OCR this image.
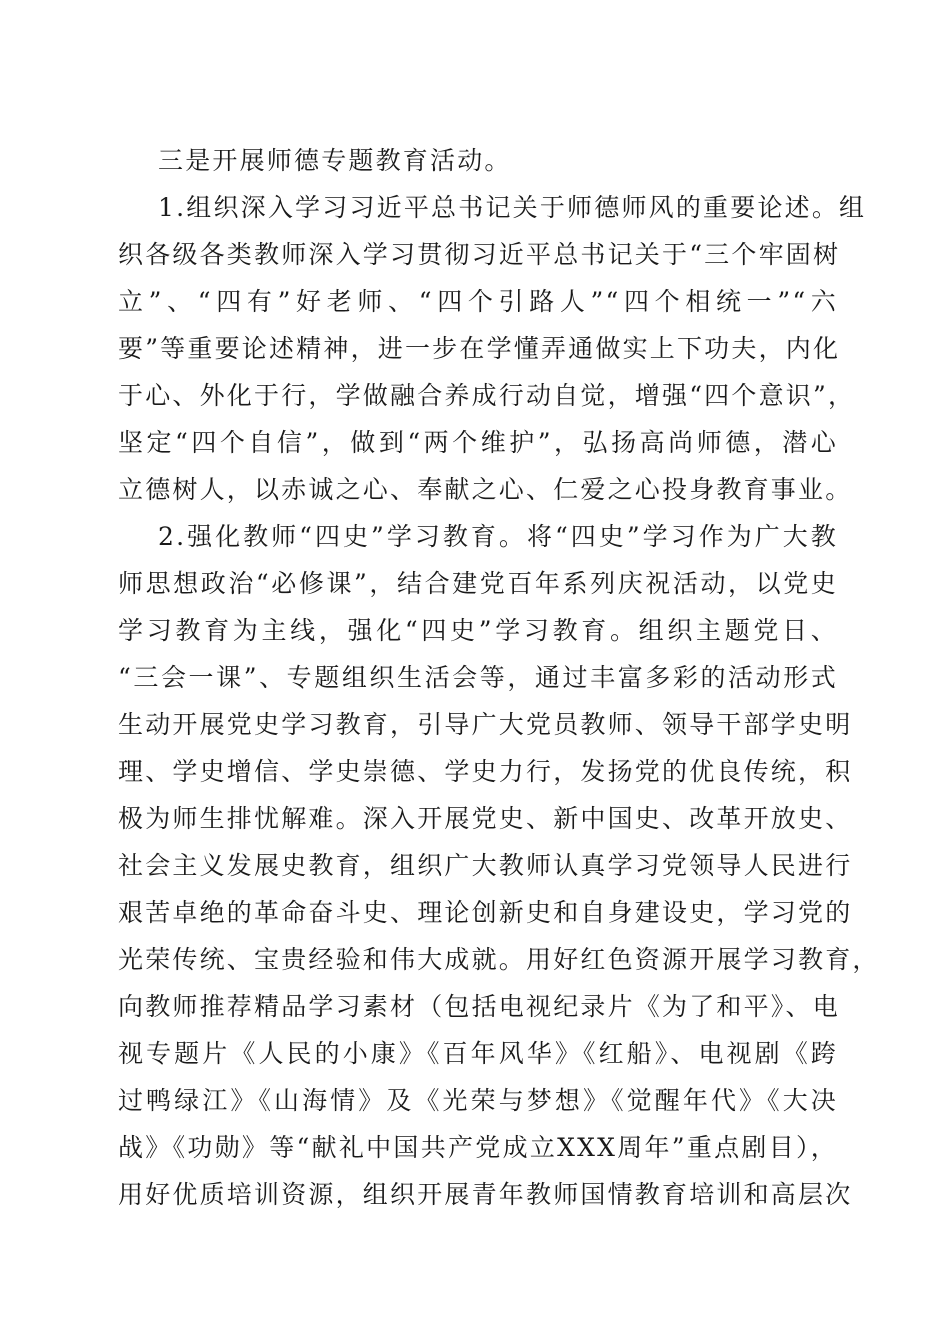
三是开展师德专题教育活动。
1.组织深入学习习近平总书记关于师德师风的重要论述。组
织各级各类教师深入学习贯彻习近平总书记关于“三个牢固树
立”、“四有”好老师、“四个引路人”“四个相统一”“六
要”等重要论述精神，进一步在学懂弄通做实上下功夫，内化
于心、外化于行，学做融合养成行动自觉，增强“四个意识”，
坚定“四个自信”，做到“两个维护”，弘扬高尚师德，潜心
立德树人，以赤诚之心、奉献之心、仁爱之心投身教育事业。
2.强化教师“四史”学习教育。将“四史”学习作为广大教
师思想政治“必修课”，结合建党百年系列庆祝活动，以党史
学习教育为主线，强化“四史”学习教育。组织主题党日、
“三会一课”、专题组织生活会等，通过丰富多彩的活动形式
生动开展党史学习教育，引导广大党员教师、领导干部学史明
理、学史增信、学史崇德、学史力行，发扬党的优良传统，积
极为师生排忧解难。深入开展党史、新中国史、改革开放史、
社会主义发展史教育，组织广大教师认真学习党领导人民进行
艰苦卓绝的革命奋斗史、理论创新史和自身建设史，学习党的
光荣传统、宝贵经验和伟大成就。用好红色资源开展学习教育，
向教师推荐精品学习素材（包括电视纪录片《为了和平》、电
视专题片《人民的小康》《百年风华》《红船》、电视剧《跨
过鸭绿江》《山海情》及《光荣与梦想》《觉醒年代》《大决
战》《功勋》等“献礼中国共产党成立XXX周年”重点剧目），
用好优质培训资源，组织开展青年教师国情教育培训和高层次
